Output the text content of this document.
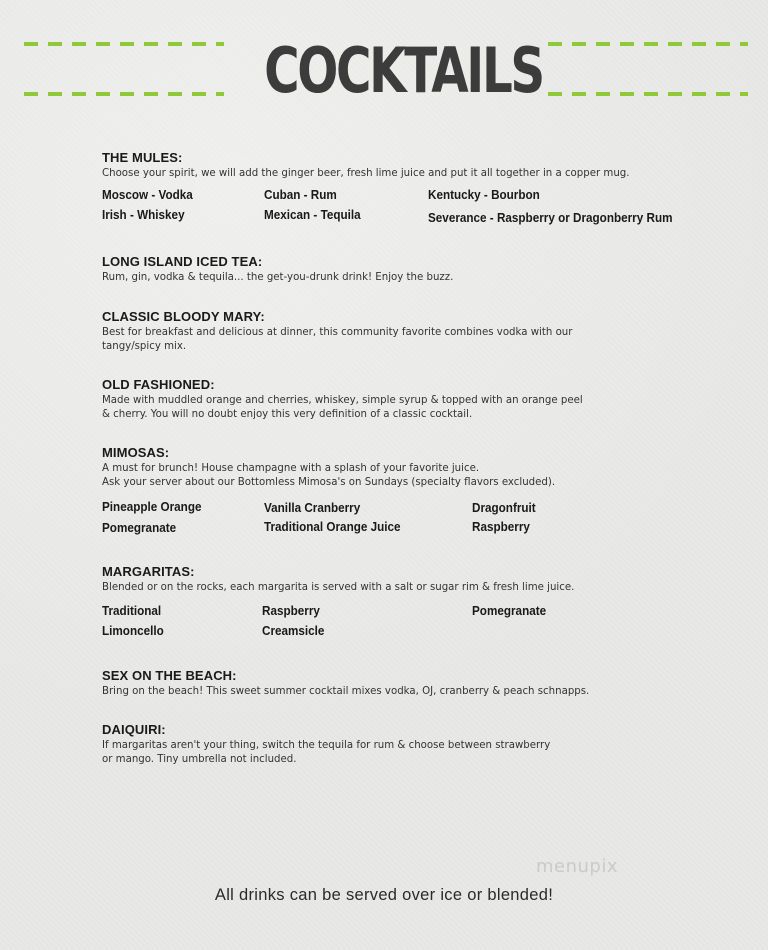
COCKTAILS
THE MULES:
Choose your spirit, we will add the ginger beer, fresh lime juice and put it all together in a copper mug.
Moscow - Vodka	Cuban - Rum	Kentucky - Bourbon
Irish - Whiskey	Mexican - Tequila	Severance - Raspberry or Dragonberry Rum
LONG ISLAND ICED TEA:
Rum, gin, vodka & tequila... the get-you-drunk drink! Enjoy the buzz.
CLASSIC BLOODY MARY:
Best for breakfast and delicious at dinner, this community favorite combines vodka with our
tangy/spicy mix.
OLD FASHIONED:
Made with muddled orange and cherries, whiskey, simple syrup & topped with an orange peel
& cherry. You will no doubt enjoy this very definition of a classic cocktail.
MIMOSAS:
A must for brunch! House champagne with a splash of your favorite juice.
Ask your server about our Bottomless Mimosa's on Sundays (specialty flavors excluded).
Pineapple Orange	Vanilla Cranberry	Dragonfruit
Pomegranate	Traditional Orange Juice	Raspberry
MARGARITAS:
Blended or on the rocks, each margarita is served with a salt or sugar rim & fresh lime juice.
Traditional	Raspberry	Pomegranate
Limoncello	Creamsicle
SEX ON THE BEACH:
Bring on the beach! This sweet summer cocktail mixes vodka, OJ, cranberry & peach schnapps.
DAIQUIRI:
If margaritas aren't your thing, switch the tequila for rum & choose between strawberry
or mango. Tiny umbrella not included.
menupix
All drinks can be served over ice or blended!
